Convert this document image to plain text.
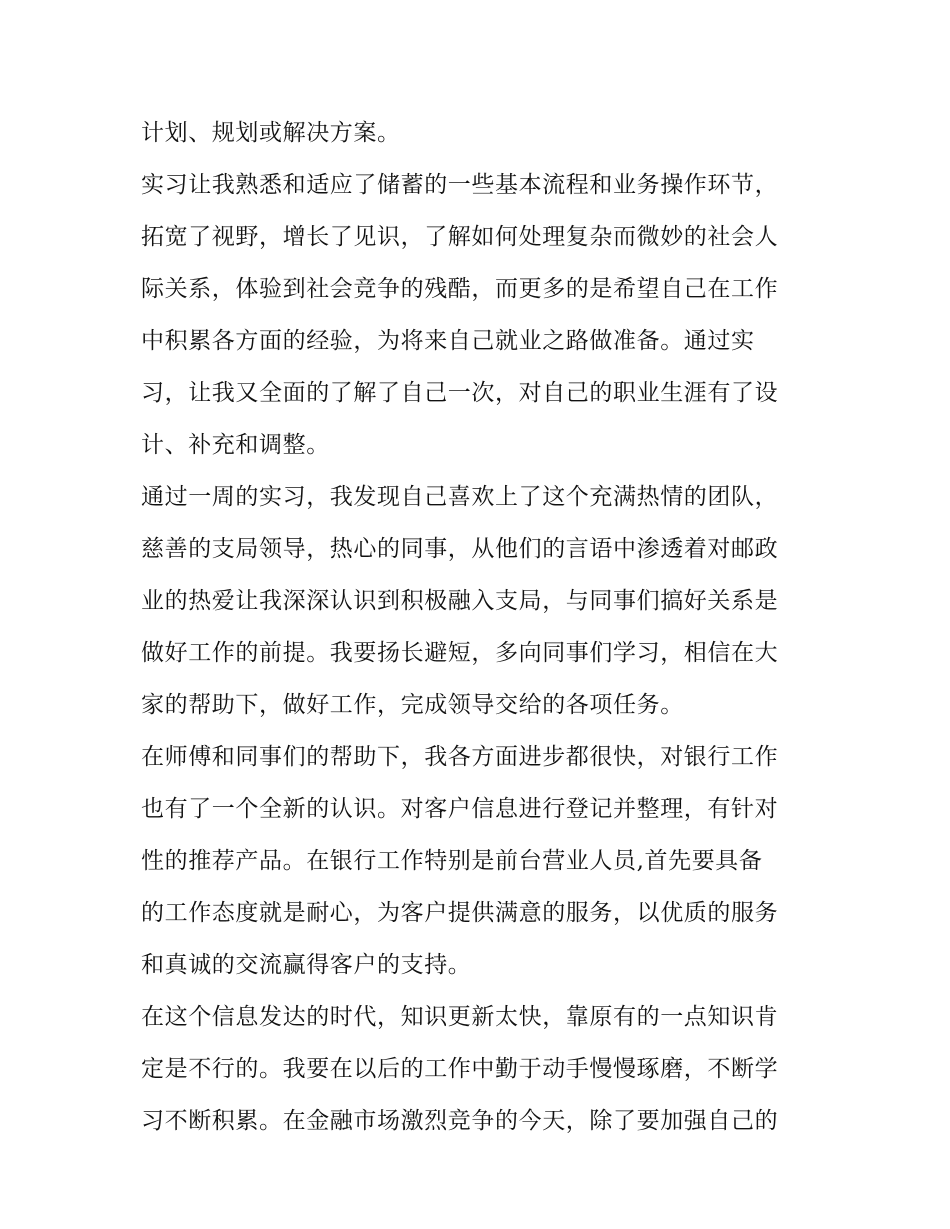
计划、规划或解决方案。
实习让我熟悉和适应了储蓄的一些基本流程和业务操作环节，
拓宽了视野，增长了见识，了解如何处理复杂而微妙的社会人
际关系，体验到社会竞争的残酷，而更多的是希望自己在工作
中积累各方面的经验，为将来自己就业之路做准备。通过实
习，让我又全面的了解了自己一次，对自己的职业生涯有了设
计、补充和调整。
通过一周的实习，我发现自己喜欢上了这个充满热情的团队，
慈善的支局领导，热心的同事，从他们的言语中渗透着对邮政
业的热爱让我深深认识到积极融入支局，与同事们搞好关系是
做好工作的前提。我要扬长避短，多向同事们学习，相信在大
家的帮助下，做好工作，完成领导交给的各项任务。
在师傅和同事们的帮助下，我各方面进步都很快，对银行工作
也有了一个全新的认识。对客户信息进行登记并整理，有针对
性的推荐产品。在银行工作特别是前台营业人员,首先要具备
的工作态度就是耐心，为客户提供满意的服务，以优质的服务
和真诚的交流赢得客户的支持。
在这个信息发达的时代，知识更新太快，靠原有的一点知识肯
定是不行的。我要在以后的工作中勤于动手慢慢琢磨，不断学
习不断积累。在金融市场激烈竞争的今天，除了要加强自己的
